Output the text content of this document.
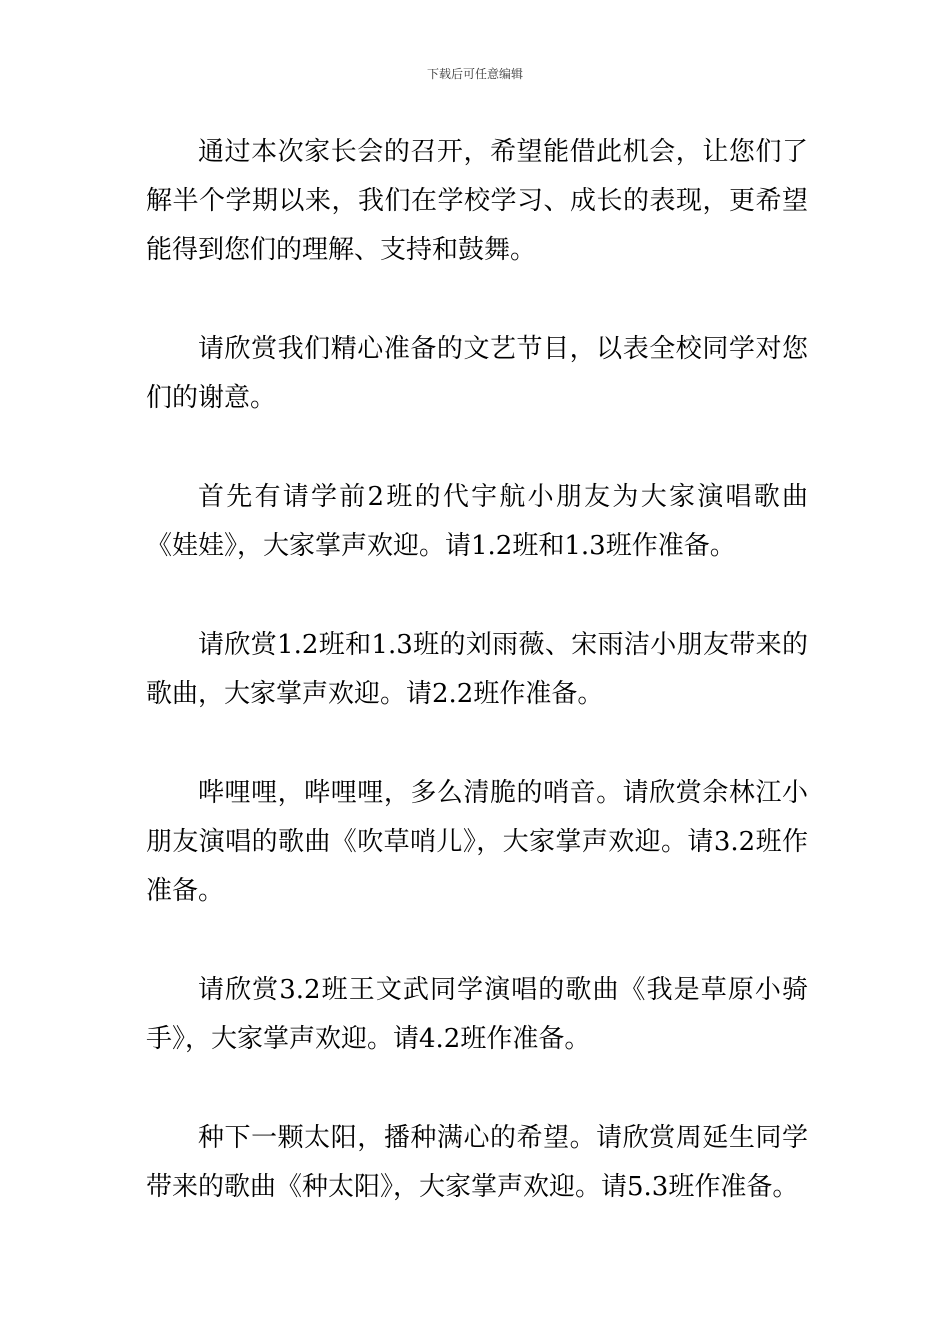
下载后可任意编辑

通过本次家长会的召开，希望能借此机会，让您们了解半个学期以来，我们在学校学习、成长的表现，更希望能得到您们的理解、支持和鼓舞。

请欣赏我们精心准备的文艺节目，以表全校同学对您们的谢意。

首先有请学前2班的代宇航小朋友为大家演唱歌曲《娃娃》，大家掌声欢迎。请1.2班和1.3班作准备。

请欣赏1.2班和1.3班的刘雨薇、宋雨洁小朋友带来的歌曲，大家掌声欢迎。请2.2班作准备。

哔哩哩，哔哩哩，多么清脆的哨音。请欣赏余林江小朋友演唱的歌曲《吹草哨儿》，大家掌声欢迎。请3.2班作准备。

请欣赏3.2班王文武同学演唱的歌曲《我是草原小骑手》，大家掌声欢迎。请4.2班作准备。

种下一颗太阳，播种满心的希望。请欣赏周延生同学带来的歌曲《种太阳》，大家掌声欢迎。请5.3班作准备。
